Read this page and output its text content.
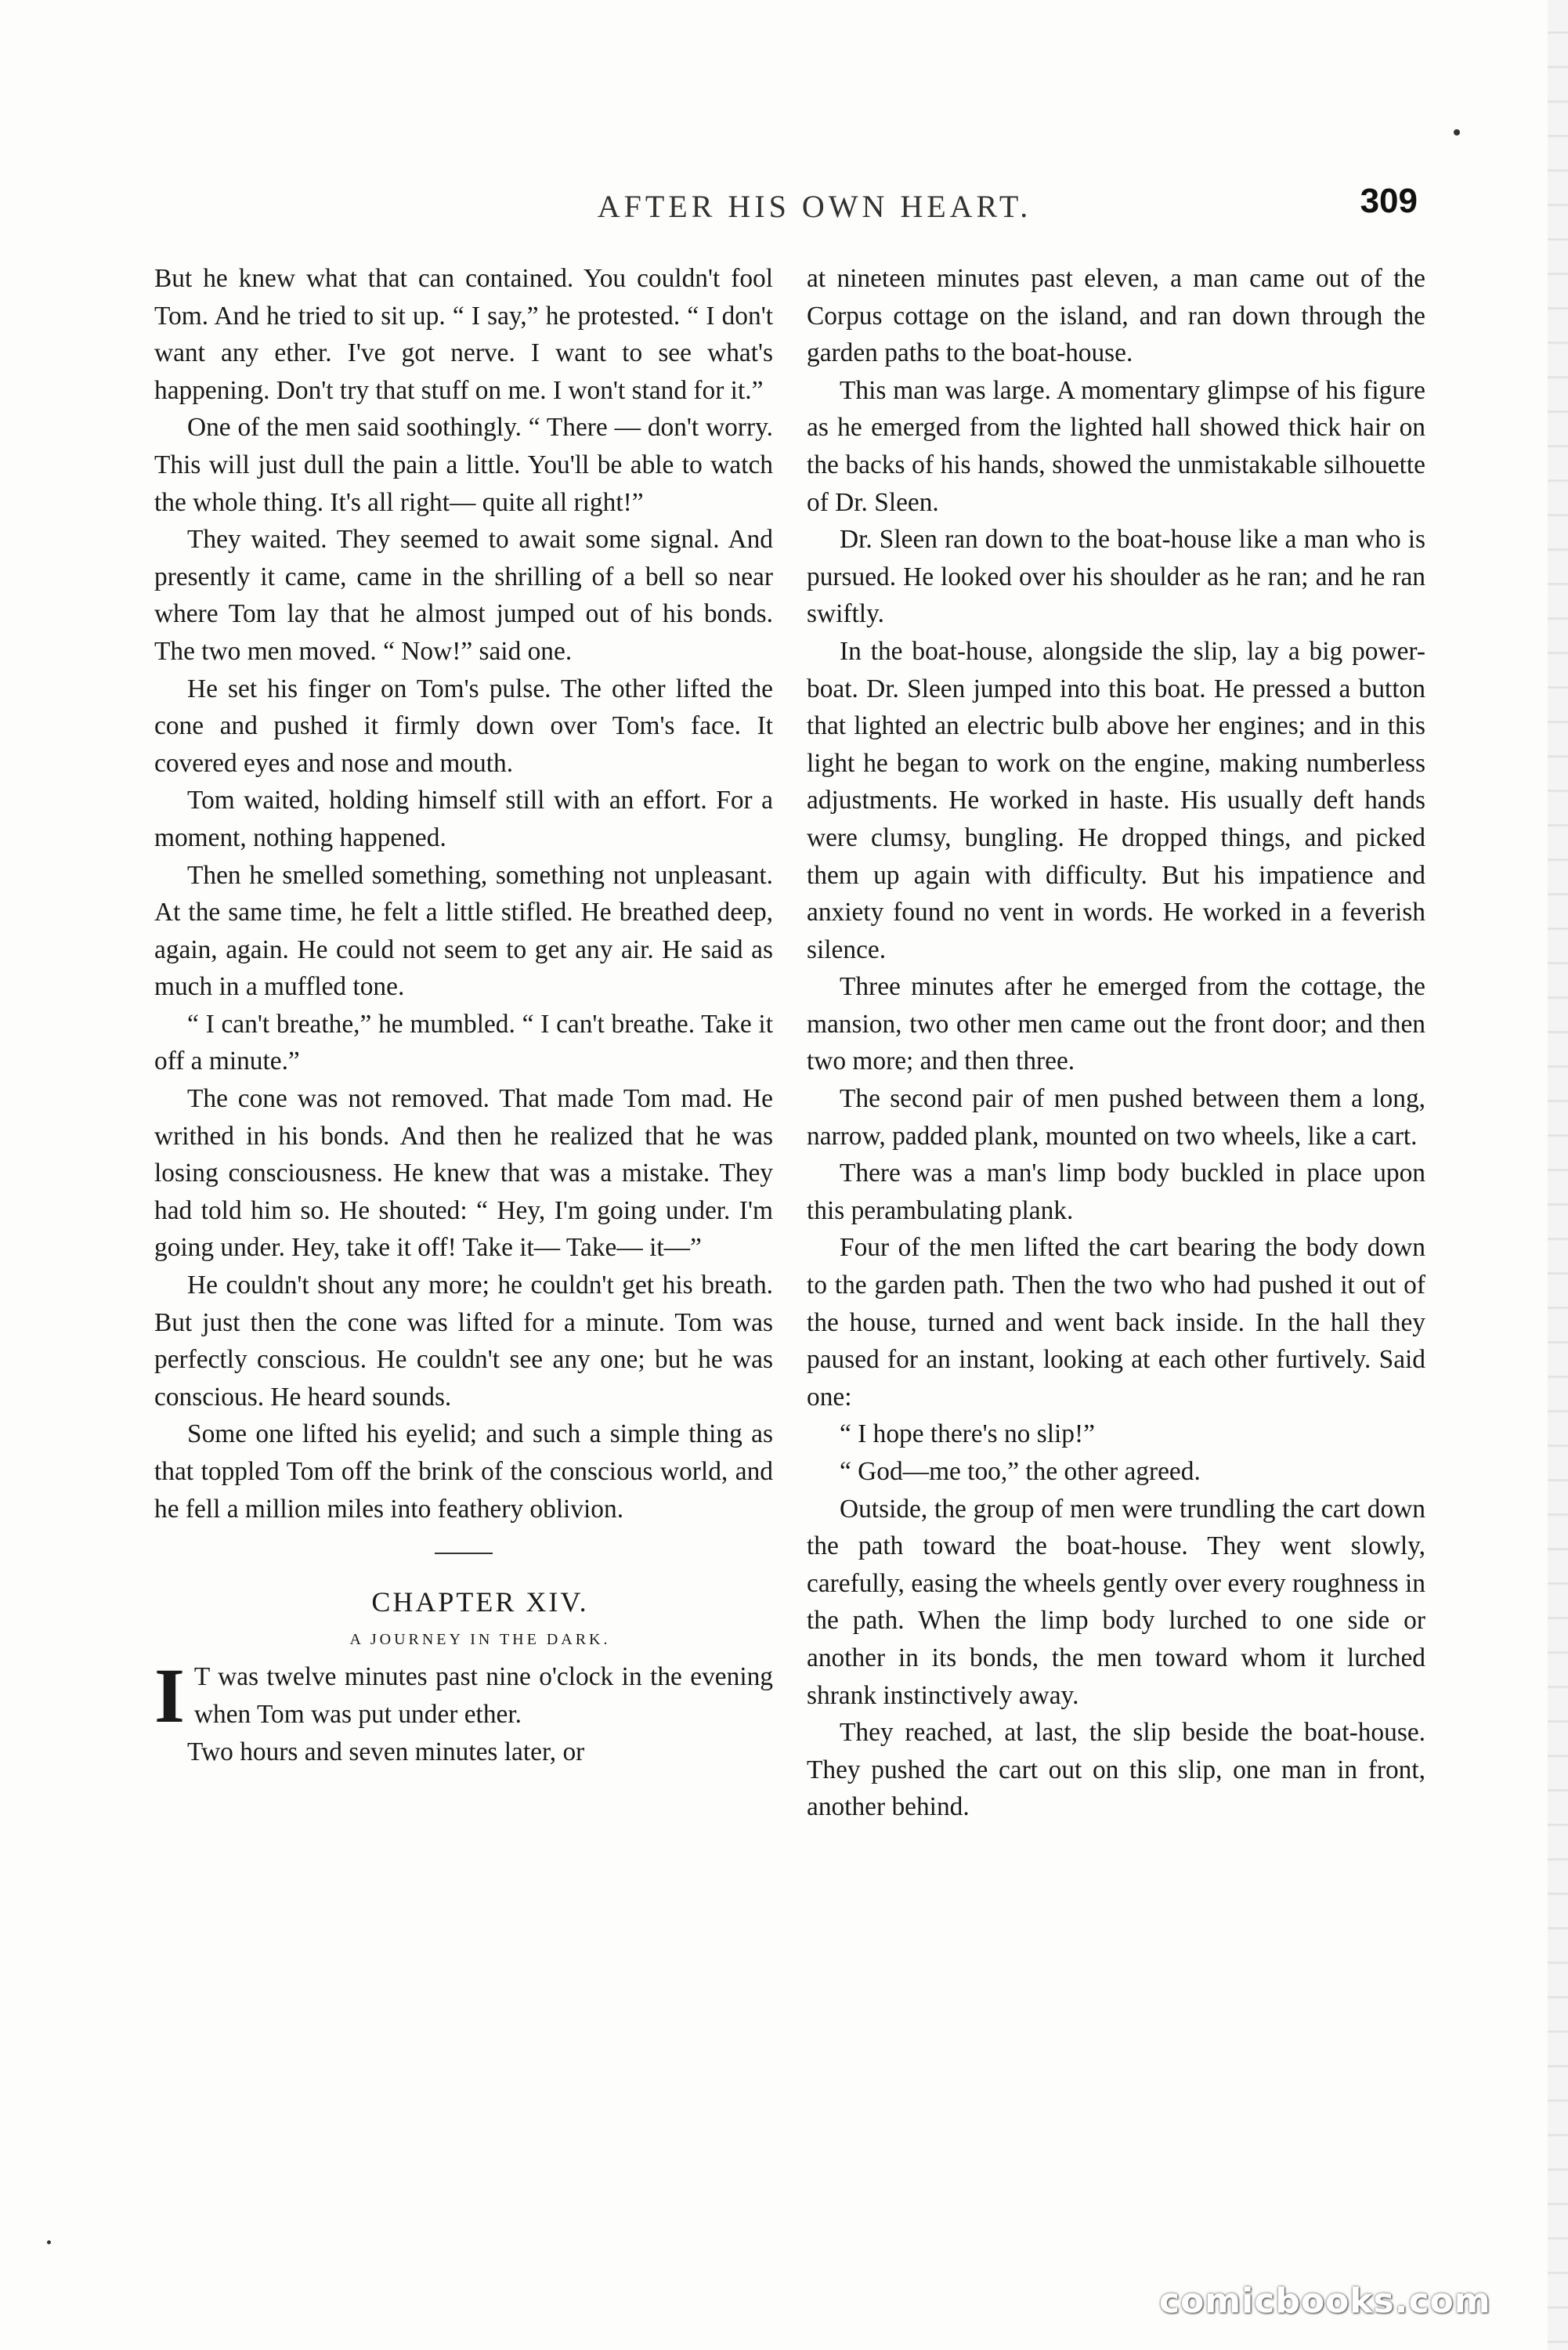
AFTER HIS OWN HEART.	309

But he knew what that can contained. You couldn't fool Tom. And he tried to sit up. “ I say,” he protested. “ I don't want any ether. I've got nerve. I want to see what's happening. Don't try that stuff on me. I won't stand for it.”

One of the men said soothingly. “ There — don't worry. This will just dull the pain a little. You'll be able to watch the whole thing. It's all right— quite all right!”

They waited. They seemed to await some signal. And presently it came, came in the shrilling of a bell so near where Tom lay that he almost jumped out of his bonds. The two men moved. “ Now!” said one.

He set his finger on Tom's pulse. The other lifted the cone and pushed it firmly down over Tom's face. It covered eyes and nose and mouth.

Tom waited, holding himself still with an effort. For a moment, nothing happened.

Then he smelled something, something not unpleasant. At the same time, he felt a little stifled. He breathed deep, again, again. He could not seem to get any air. He said as much in a muffled tone.

“ I can't breathe,” he mumbled. “ I can't breathe. Take it off a minute.”

The cone was not removed. That made Tom mad. He writhed in his bonds. And then he realized that he was losing consciousness. He knew that was a mistake. They had told him so. He shouted: “ Hey, I'm going under. I'm going under. Hey, take it off! Take it— Take— it—”

He couldn't shout any more; he couldn't get his breath. But just then the cone was lifted for a minute. Tom was perfectly conscious. He couldn't see any one; but he was conscious. He heard sounds.

Some one lifted his eyelid; and such a simple thing as that toppled Tom off the brink of the conscious world, and he fell a million miles into feathery oblivion.

CHAPTER XIV.

A JOURNEY IN THE DARK.

I T was twelve minutes past nine o'clock in the evening when Tom was put under ether.

Two hours and seven minutes later, or

at nineteen minutes past eleven, a man came out of the Corpus cottage on the island, and ran down through the garden paths to the boat-house.

This man was large. A momentary glimpse of his figure as he emerged from the lighted hall showed thick hair on the backs of his hands, showed the unmistakable silhouette of Dr. Sleen.

Dr. Sleen ran down to the boat-house like a man who is pursued. He looked over his shoulder as he ran; and he ran swiftly.

In the boat-house, alongside the slip, lay a big power-boat. Dr. Sleen jumped into this boat. He pressed a button that lighted an electric bulb above her engines; and in this light he began to work on the engine, making numberless adjustments. He worked in haste. His usually deft hands were clumsy, bungling. He dropped things, and picked them up again with difficulty. But his impatience and anxiety found no vent in words. He worked in a feverish silence.

Three minutes after he emerged from the cottage, the mansion, two other men came out the front door; and then two more; and then three.

The second pair of men pushed between them a long, narrow, padded plank, mounted on two wheels, like a cart.

There was a man's limp body buckled in place upon this perambulating plank.

Four of the men lifted the cart bearing the body down to the garden path. Then the two who had pushed it out of the house, turned and went back inside. In the hall they paused for an instant, looking at each other furtively. Said one:

“ I hope there's no slip!”

“ God—me too,” the other agreed.

Outside, the group of men were trundling the cart down the path toward the boat-house. They went slowly, carefully, easing the wheels gently over every roughness in the path. When the limp body lurched to one side or another in its bonds, the men toward whom it lurched shrank instinctively away.

They reached, at last, the slip beside the boat-house. They pushed the cart out on this slip, one man in front, another behind.

comicbooks.com
